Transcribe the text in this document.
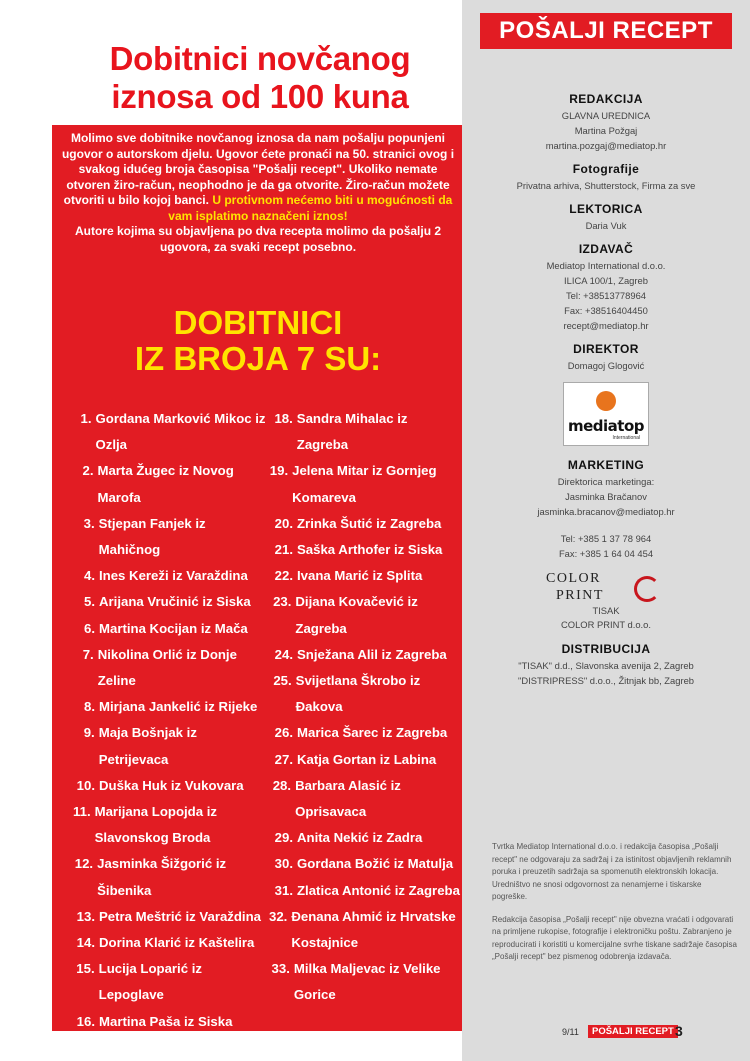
Dobitnici novčanog
iznosa od 100 kuna
Molimo sve dobitnike novčanog iznosa da nam pošalju popunjeni ugovor o autorskom djelu. Ugovor ćete pronaći na 50. stranici ovog i svakog idućeg broja časopisa "Pošalji recept". Ukoliko nemate otvoren žiro-račun, neophodno je da ga otvorite. Žiro-račun možete otvoriti u bilo kojoj banci. U protivnom nećemo biti u mogućnosti da vam isplatimo naznačeni iznos!
Autore kojima su objavljena po dva recepta molimo da pošalju 2 ugovora, za svaki recept posebno.
DOBITNICI
IZ BROJA 7 SU:
1. Gordana Marković Mikoc iz Ozlja
2. Marta Žugec iz Novog Marofa
3. Stjepan Fanjek iz Mahičnog
4. Ines Kereži iz Varaždina
5. Arijana Vručinić iz Siska
6. Martina Kocijan iz Mača
7. Nikolina Orlić iz Donje Zeline
8. Mirjana Jankelić iz Rijeke
9. Maja Bošnjak iz Petrijevaca
10. Duška Huk iz Vukovara
11. Marijana Lopojda iz Slavonskog Broda
12. Jasminka Šižgorić iz Šibenika
13. Petra Meštrić iz Varaždina
14. Dorina Klarić iz Kaštelira
15. Lucija Loparić iz Lepoglave
16. Martina Paša iz Siska
17. Tonka Golub iz Zadra
18. Sandra Mihalac iz Zagreba
19. Jelena Mitar iz Gornjeg Komareva
20. Zrinka Šutić iz Zagreba
21. Saška Arthofer iz Siska
22. Ivana Marić iz Splita
23. Dijana Kovačević iz Zagreba
24. Snježana Alil iz Zagreba
25. Svijetlana Škrobo iz Đakova
26. Marica Šarec iz Zagreba
27. Katja Gortan iz Labina
28. Barbara Alasić iz Oprisavaca
29. Anita Nekić iz Zadra
30. Gordana Božić iz Matulja
31. Zlatica Antonić iz Zagreba
32. Đenana Ahmić iz Hrvatske Kostajnice
33. Milka Maljevac iz Velike Gorice
POŠALJI RECEPT
REDAKCIJA
GLAVNA UREDNICA
Martina Požgaj
martina.pozgaj@mediatop.hr
Fotografije
Privatna arhiva, Shutterstock, Firma za sve
LEKTORICA
Daria Vuk
IZDAVAČ
Mediatop International d.o.o.
ILICA 100/1, Zagreb
Tel: +38513778964
Fax: +38516404450
recept@mediatop.hr
DIREKTOR
Domagoj Glogović
mediatop
International
MARKETING
Direktorica marketinga:
Jasminka Bračanov
jasminka.bracanov@mediatop.hr
Tel: +385 1 37 78 964
Fax: +385 1 64 04 454
COLOR
PRINT
TISAK
COLOR PRINT d.o.o.
DISTRIBUCIJA
"TISAK" d.d., Slavonska avenija 2, Zagreb
"DISTRIPRESS" d.o.o., Žitnjak bb, Zagreb

Tvrtka Mediatop International d.o.o. i redakcija časopisa „Pošalji recept" ne odgovaraju za sadržaj i za istinitost objavljenih reklamnih poruka i preuzetih sadržaja sa spomenutih elektronskih lokacija. Uredništvo ne snosi odgovornost za nenamjerne i tiskarske pogreške.

Redakcija časopisa „Pošalji recept" nije obvezna vraćati i odgovarati na primljene rukopise, fotografije i elektroničku poštu. Zabranjeno je reproducirati i koristiti u komercijalne svrhe tiskane sadržaje časopisa „Pošalji recept" bez pismenog odobrenja izdavača.

9/11	POŠALJI RECEPT 3
